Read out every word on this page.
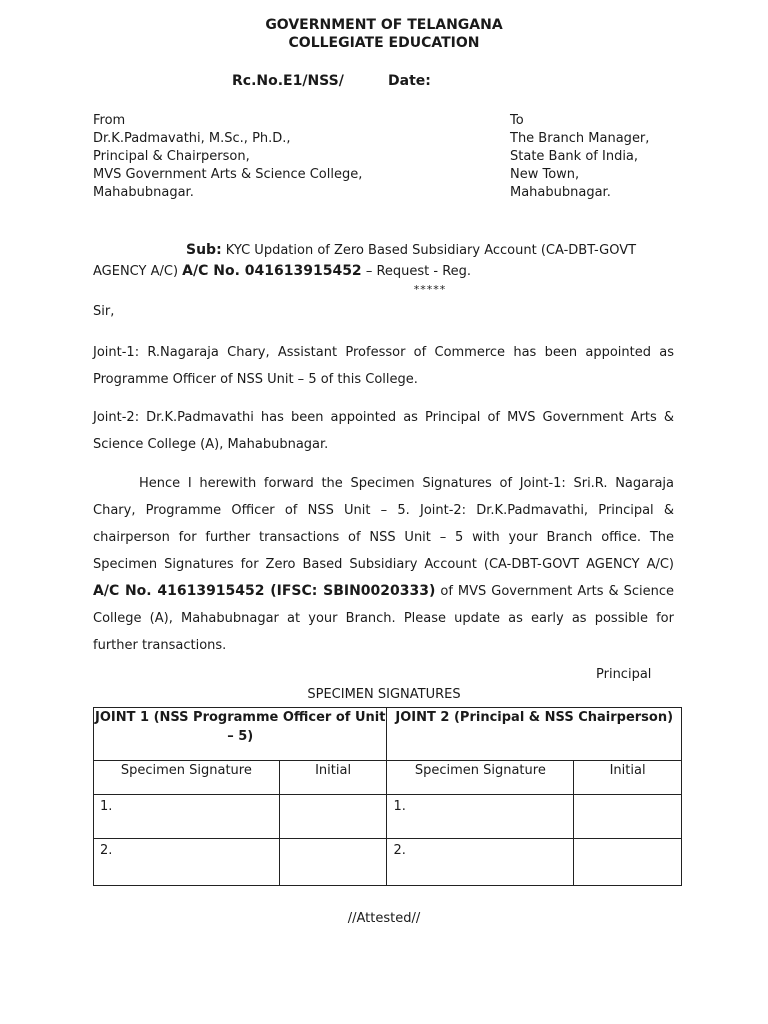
GOVERNMENT OF TELANGANA
COLLEGIATE EDUCATION
Rc.No.E1/NSS/	Date:
From
Dr.K.Padmavathi, M.Sc., Ph.D.,
Principal & Chairperson,
MVS Government Arts & Science College,
Mahabubnagar.
To
The Branch Manager,
State Bank of India,
New Town,
Mahabubnagar.
Sub: KYC Updation of Zero Based Subsidiary Account (CA-DBT-GOVT AGENCY A/C) A/C No. 041613915452 – Request - Reg.
*****
Sir,
Joint-1: R.Nagaraja Chary, Assistant Professor of Commerce has been appointed as Programme Officer of NSS Unit – 5 of this College.
Joint-2: Dr.K.Padmavathi has been appointed as Principal of MVS Government Arts & Science College (A), Mahabubnagar.
Hence I herewith forward the Specimen Signatures of Joint-1: Sri.R. Nagaraja Chary, Programme Officer of NSS Unit – 5. Joint-2: Dr.K.Padmavathi, Principal & chairperson for further transactions of NSS Unit – 5 with your Branch office. The Specimen Signatures for Zero Based Subsidiary Account (CA-DBT-GOVT AGENCY A/C) A/C No. 41613915452 (IFSC: SBIN0020333) of MVS Government Arts & Science College (A), Mahabubnagar at your Branch. Please update as early as possible for further transactions.
Principal
SPECIMEN SIGNATURES
JOINT 1 (NSS Programme Officer of Unit – 5)		JOINT 2 (Principal & NSS Chairperson)	
Specimen Signature	Initial	Specimen Signature	Initial
1.		1.	
2.		2.	
//Attested//
